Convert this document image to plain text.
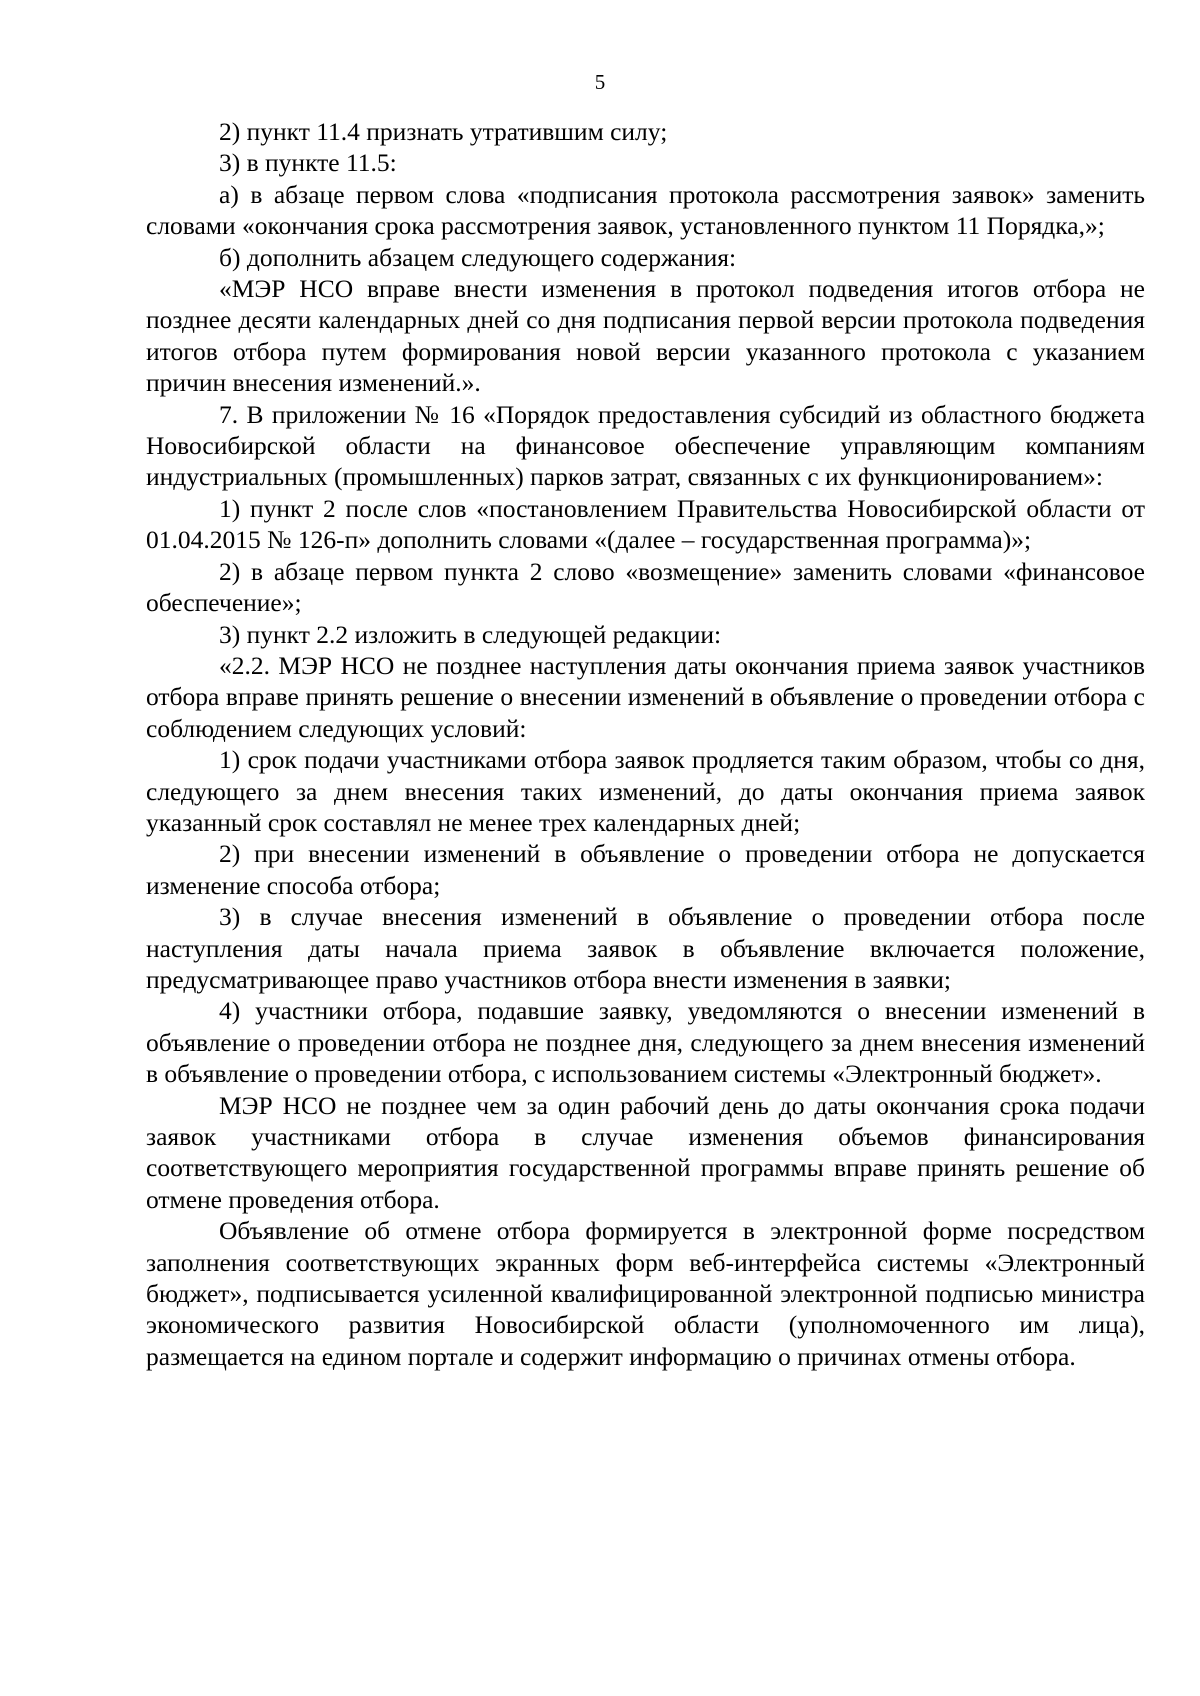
5

2) пункт 11.4 признать утратившим силу;

3) в пункте 11.5:

а) в абзаце первом слова «подписания протокола рассмотрения заявок» заменить словами «окончания срока рассмотрения заявок, установленного пунктом 11 Порядка,»;

б) дополнить абзацем следующего содержания:

«МЭР НСО вправе внести изменения в протокол подведения итогов отбора не позднее десяти календарных дней со дня подписания первой версии протокола подведения итогов отбора путем формирования новой версии указанного протокола с указанием причин внесения изменений.».

7. В приложении № 16 «Порядок предоставления субсидий из областного бюджета Новосибирской области на финансовое обеспечение управляющим компаниям индустриальных (промышленных) парков затрат, связанных с их функционированием»:

1) пункт 2 после слов «постановлением Правительства Новосибирской области от 01.04.2015 № 126-п» дополнить словами «(далее – государственная программа)»;

2) в абзаце первом пункта 2 слово «возмещение» заменить словами «финансовое обеспечение»;

3) пункт 2.2 изложить в следующей редакции:

«2.2. МЭР НСО не позднее наступления даты окончания приема заявок участников отбора вправе принять решение о внесении изменений в объявление о проведении отбора с соблюдением следующих условий:

1) срок подачи участниками отбора заявок продляется таким образом, чтобы со дня, следующего за днем внесения таких изменений, до даты окончания приема заявок указанный срок составлял не менее трех календарных дней;

2) при внесении изменений в объявление о проведении отбора не допускается изменение способа отбора;

3) в случае внесения изменений в объявление о проведении отбора после наступления даты начала приема заявок в объявление включается положение, предусматривающее право участников отбора внести изменения в заявки;

4) участники отбора, подавшие заявку, уведомляются о внесении изменений в объявление о проведении отбора не позднее дня, следующего за днем внесения изменений в объявление о проведении отбора, с использованием системы «Электронный бюджет».

МЭР НСО не позднее чем за один рабочий день до даты окончания срока подачи заявок участниками отбора в случае изменения объемов финансирования соответствующего мероприятия государственной программы вправе принять решение об отмене проведения отбора.

Объявление об отмене отбора формируется в электронной форме посредством заполнения соответствующих экранных форм веб-интерфейса системы «Электронный бюджет», подписывается усиленной квалифицированной электронной подписью министра экономического развития Новосибирской области (уполномоченного им лица), размещается на едином портале и содержит информацию о причинах отмены отбора.
